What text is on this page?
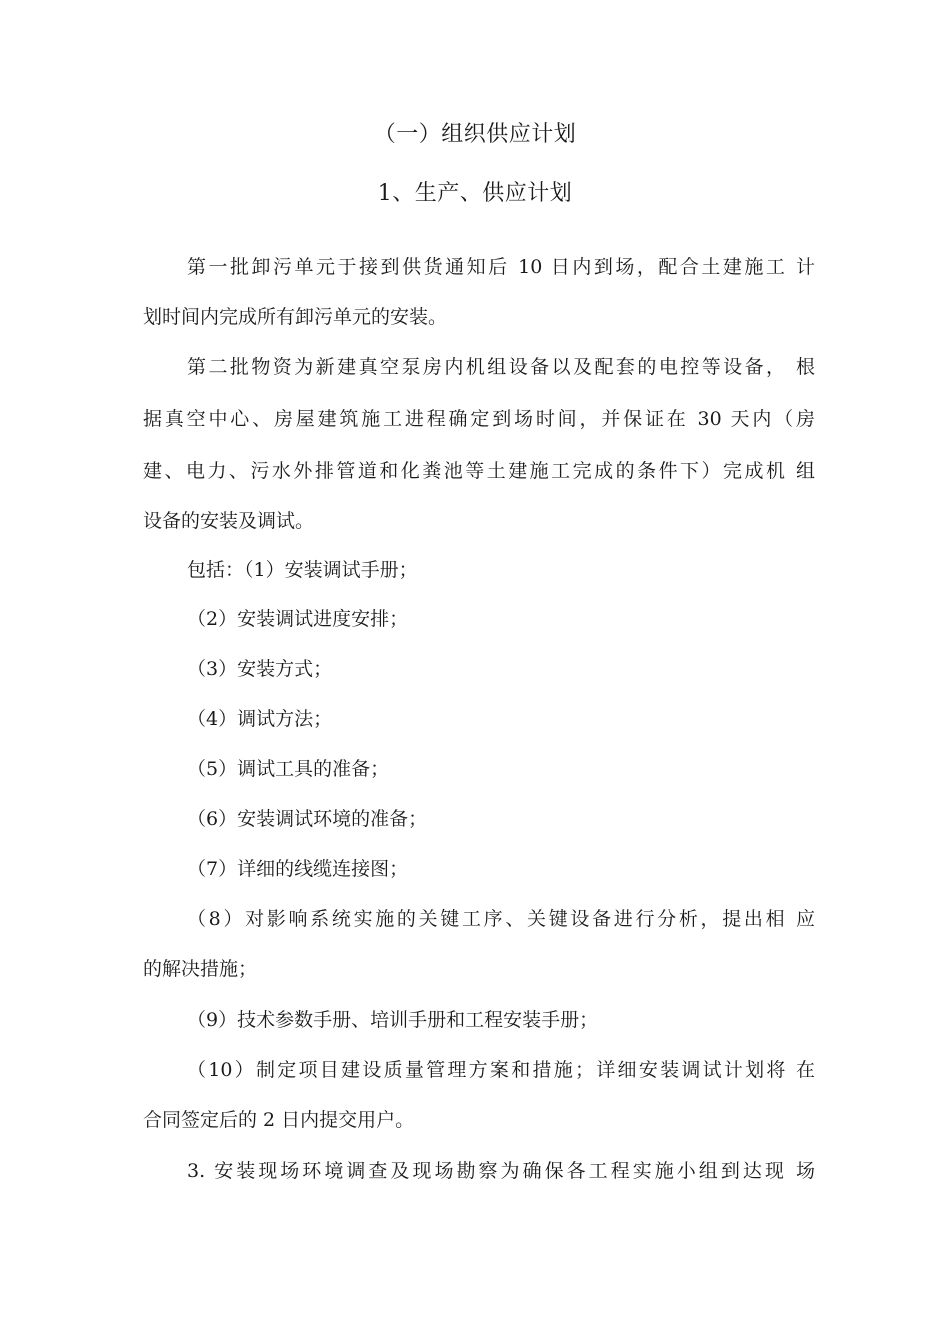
（一）组织供应计划
1、生产、供应计划
第一批卸污单元于接到供货通知后 10 日内到场，配合土建施工 计
划时间内完成所有卸污单元的安装。
第二批物资为新建真空泵房内机组设备以及配套的电控等设备， 根
据真空中心、房屋建筑施工进程确定到场时间，并保证在 30 天内（房
建、电力、污水外排管道和化粪池等土建施工完成的条件下）完成机 组
设备的安装及调试。
包括：（1）安装调试手册；
（2）安装调试进度安排；
（3）安装方式；
（4）调试方法；
（5）调试工具的准备；
（6）安装调试环境的准备；
（7）详细的线缆连接图；
（8）对影响系统实施的关键工序、关键设备进行分析，提出相 应
的解决措施；
（9）技术参数手册、培训手册和工程安装手册；
（10）制定项目建设质量管理方案和措施；详细安装调试计划将 在
合同签定后的 2 日内提交用户。
3. 安装现场环境调查及现场勘察为确保各工程实施小组到达现 场
